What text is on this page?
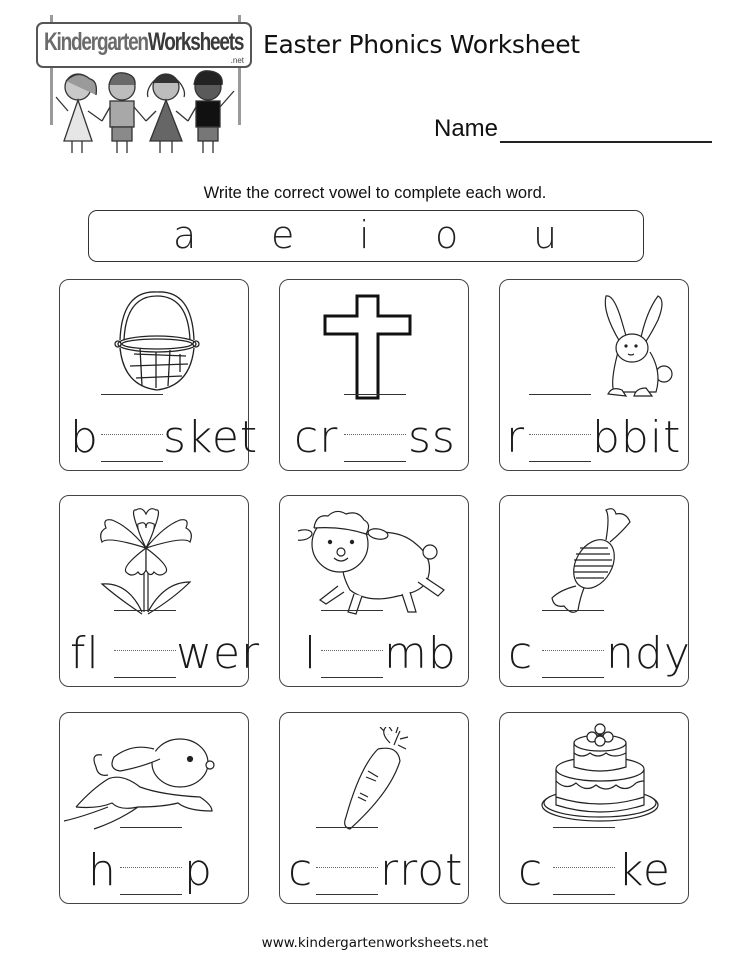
KindergartenWorksheets
.net
Easter Phonics Worksheet
Name
Write the correct vowel to complete each word.
a e i o u
b sket cr ss r bbit
fl wer l mb c ndy
h p c rrot c ke
www.kindergartenworksheets.net
